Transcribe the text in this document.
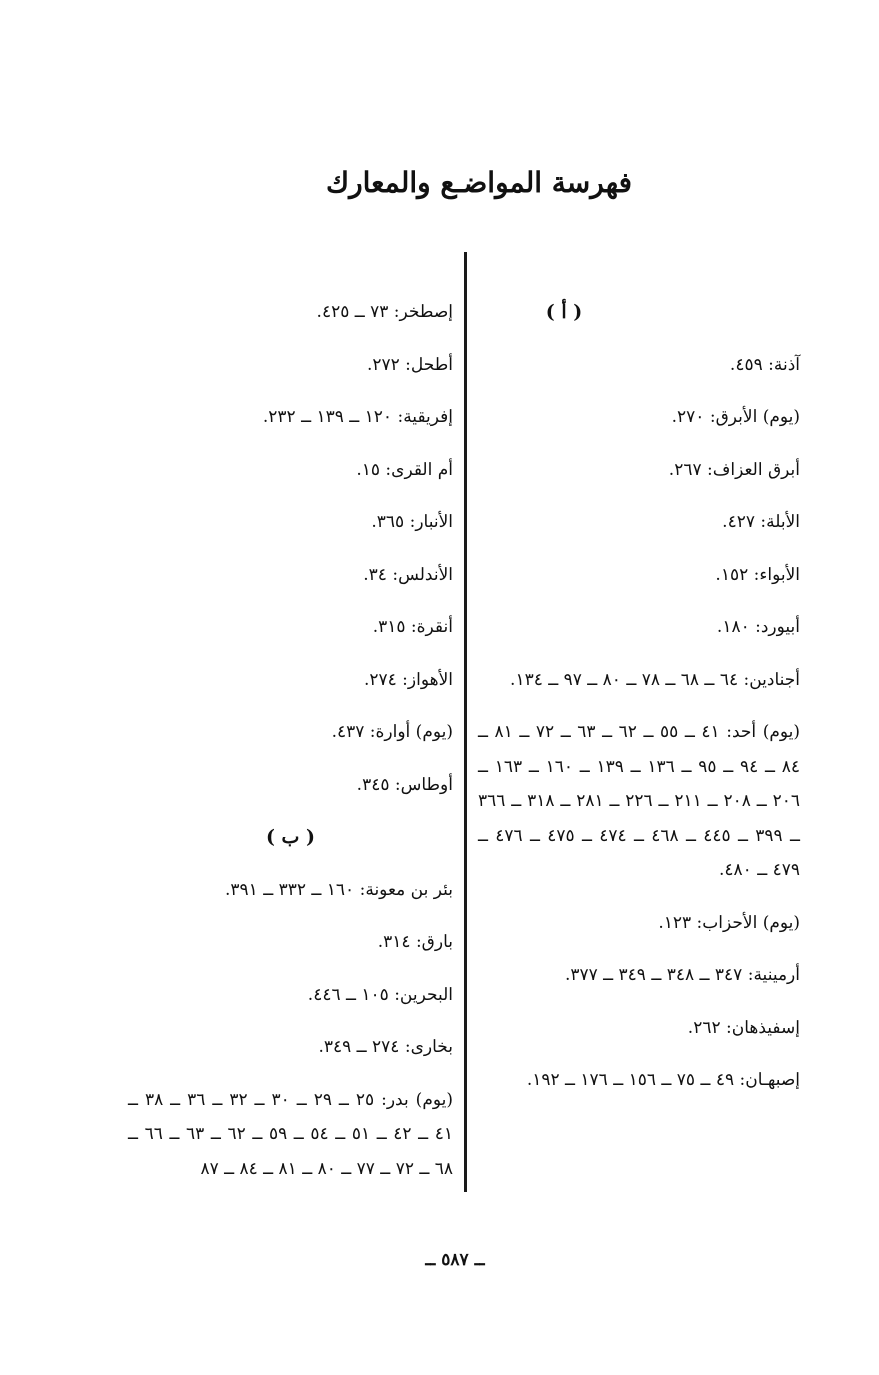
فهرسة المواضـع والمعارك
( أ )
آذنة: ٤٥٩.
(يوم) الأبرق: ٢٧٠.
أبرق العزاف: ٢٦٧.
الأبلة: ٤٢٧.
الأبواء: ١٥٢.
أبيورد: ١٨٠.
أجنادين: ٦٤ ــ ٦٨ ــ ٧٨ ــ ٨٠ ــ ٩٧ ــ ١٣٤.
(يوم) أحد: ٤١ ــ ٥٥ ــ ٦٢ ــ ٦٣ ــ ٧٢ ــ ٨١ ــ ٨٤ ــ ٩٤ ــ ٩٥ ــ ١٣٦ ــ ١٣٩ ــ ١٦٠ ــ ١٦٣ ــ ٢٠٦ ــ ٢٠٨ ــ ٢١١ ــ ٢٢٦ ــ ٢٨١ ــ ٣١٨ ــ ٣٦٦ ــ ٣٩٩ ــ ٤٤٥ ــ ٤٦٨ ــ ٤٧٤ ــ ٤٧٥ ــ ٤٧٦ ــ ٤٧٩ ــ ٤٨٠.
(يوم) الأحزاب: ١٢٣.
أرمينية: ٣٤٧ ــ ٣٤٨ ــ ٣٤٩ ــ ٣٧٧.
إسفيذهان: ٢٦٢.
إصبهـان: ٤٩ ــ ٧٥ ــ ١٥٦ ــ ١٧٦ ــ ١٩٢.
إصطخر: ٧٣ ــ ٤٢٥.
أطحل: ٢٧٢.
إفريقية: ١٢٠ ــ ١٣٩ ــ ٢٣٢.
أم القرى: ١٥.
الأنبار: ٣٦٥.
الأندلس: ٣٤.
أنقرة: ٣١٥.
الأهواز: ٢٧٤.
(يوم) أوارة: ٤٣٧.
أوطاس: ٣٤٥.
( ب )
بئر بن معونة: ١٦٠ ــ ٣٣٢ ــ ٣٩١.
بارق: ٣١٤.
البحرين: ١٠٥ ــ ٤٤٦.
بخارى: ٢٧٤ ــ ٣٤٩.
(يوم) بدر: ٢٥ ــ ٢٩ ــ ٣٠ ــ ٣٢ ــ ٣٦ ــ ٣٨ ــ ٤١ ــ ٤٢ ــ ٥١ ــ ٥٤ ــ ٥٩ ــ ٦٢ ــ ٦٣ ــ ٦٦ ــ ٦٨ ــ ٧٢ ــ ٧٧ ــ ٨٠ ــ ٨١ ــ ٨٤ ــ ٨٧
ــ ٥٨٧ ــ
